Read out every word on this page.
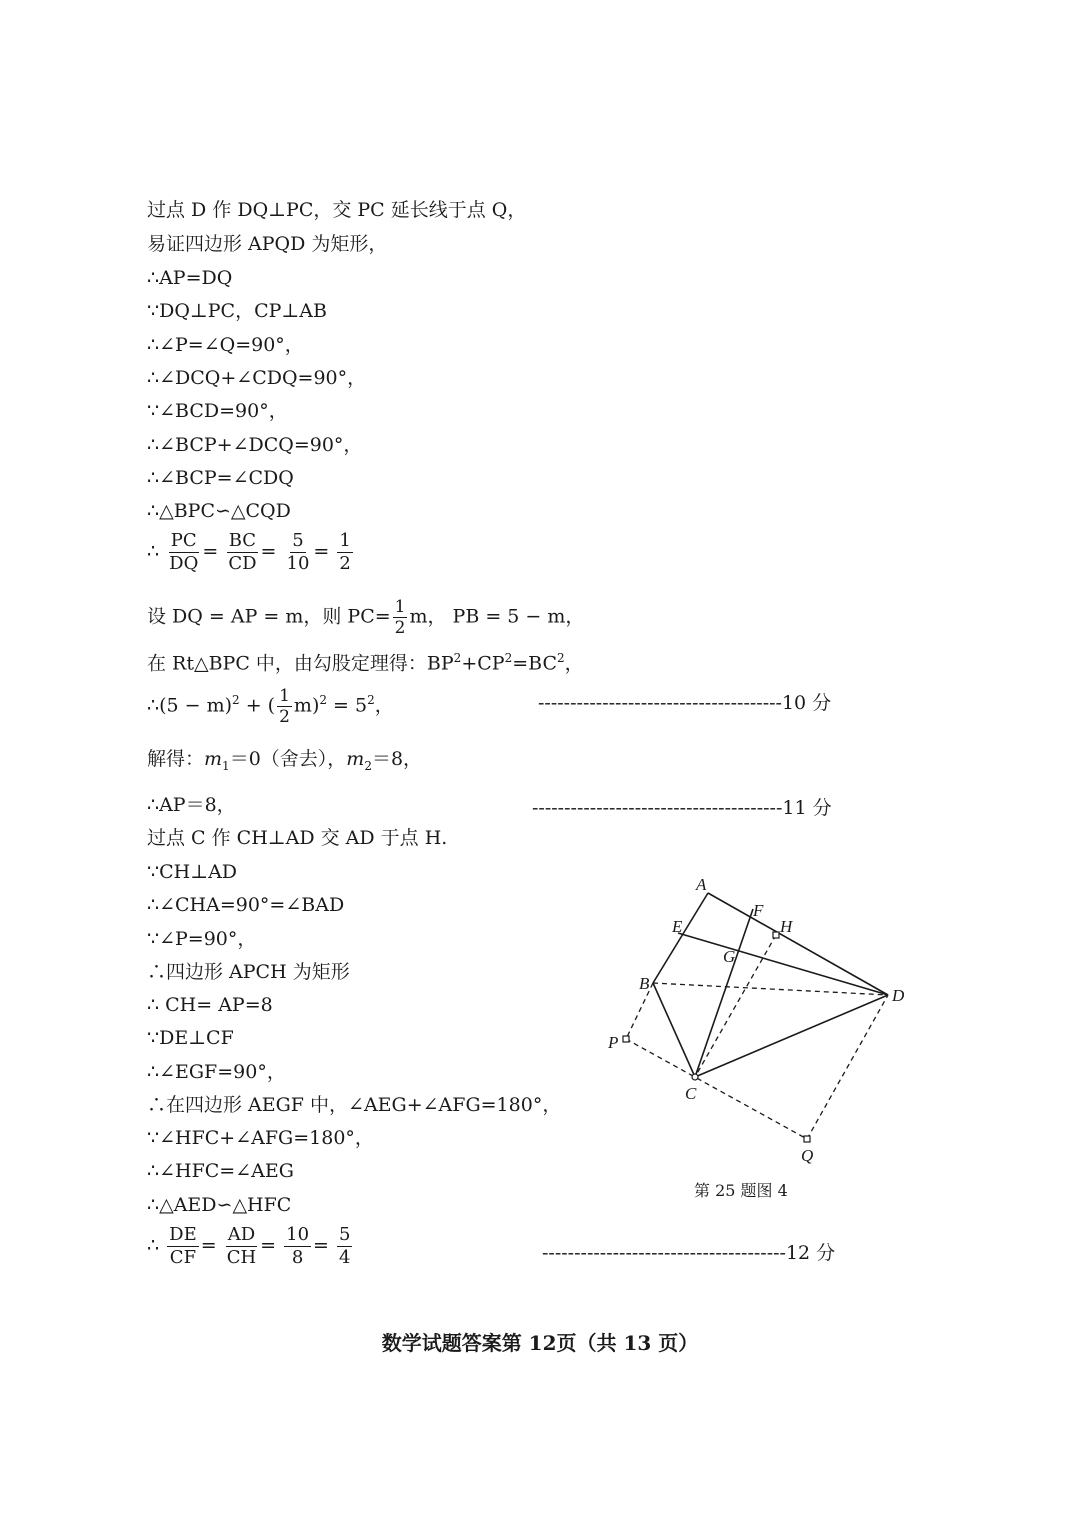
过点 D 作 DQ⊥PC，交 PC 延长线于点 Q，
易证四边形 APQD 为矩形，
∴AP=DQ
∵DQ⊥PC，CP⊥AB
∴∠P=∠Q=90°，
∴∠DCQ+∠CDQ=90°，
∵∠BCD=90°，
∴∠BCP+∠DCQ=90°，
∴∠BCP=∠CDQ
∴△BPC∽△CQD
∴ $\frac{PC}{DQ} = \frac{BC}{CD} = \frac{5}{10} = \frac{1}{2}$
设 DQ = AP = m，则 $PC= \frac{1}{2}$ m， PB = 5 − m，
在 Rt△BPC 中，由勾股定理得：$BP^2+CP^2=BC^2$，
∴(5 − m)$^2$ + ( $\frac{1}{2} m)^2 = 5^2$，	--------------------------------------10 分
解得：$m_1=0$（舍去），$m_2=8$，
∴AP＝8，	---------------------------------------11 分
过点 C 作 CH⊥AD 交 AD 于点 H.
∵CH⊥AD
∴∠CHA=90°=∠BAD
∵∠P=90°，
∴四边形 APCH 为矩形
∴ CH= AP=8
∵DE⊥CF
∴∠EGF=90°，
∴在四边形 AEGF 中，∠AEG+∠AFG=180°，
∵∠HFC+∠AFG=180°，
∴∠HFC=∠AEG
∴△AED∽△HFC
∴ $\frac{DE}{CF} = \frac{AD}{CH} = \frac{10}{8} = \frac{5}{4}$	--------------------------------------12 分
A
F
H
E
G
B
D
P
C
Q
第 25 题图 4
数学试题答案第 12页（共 13 页）
